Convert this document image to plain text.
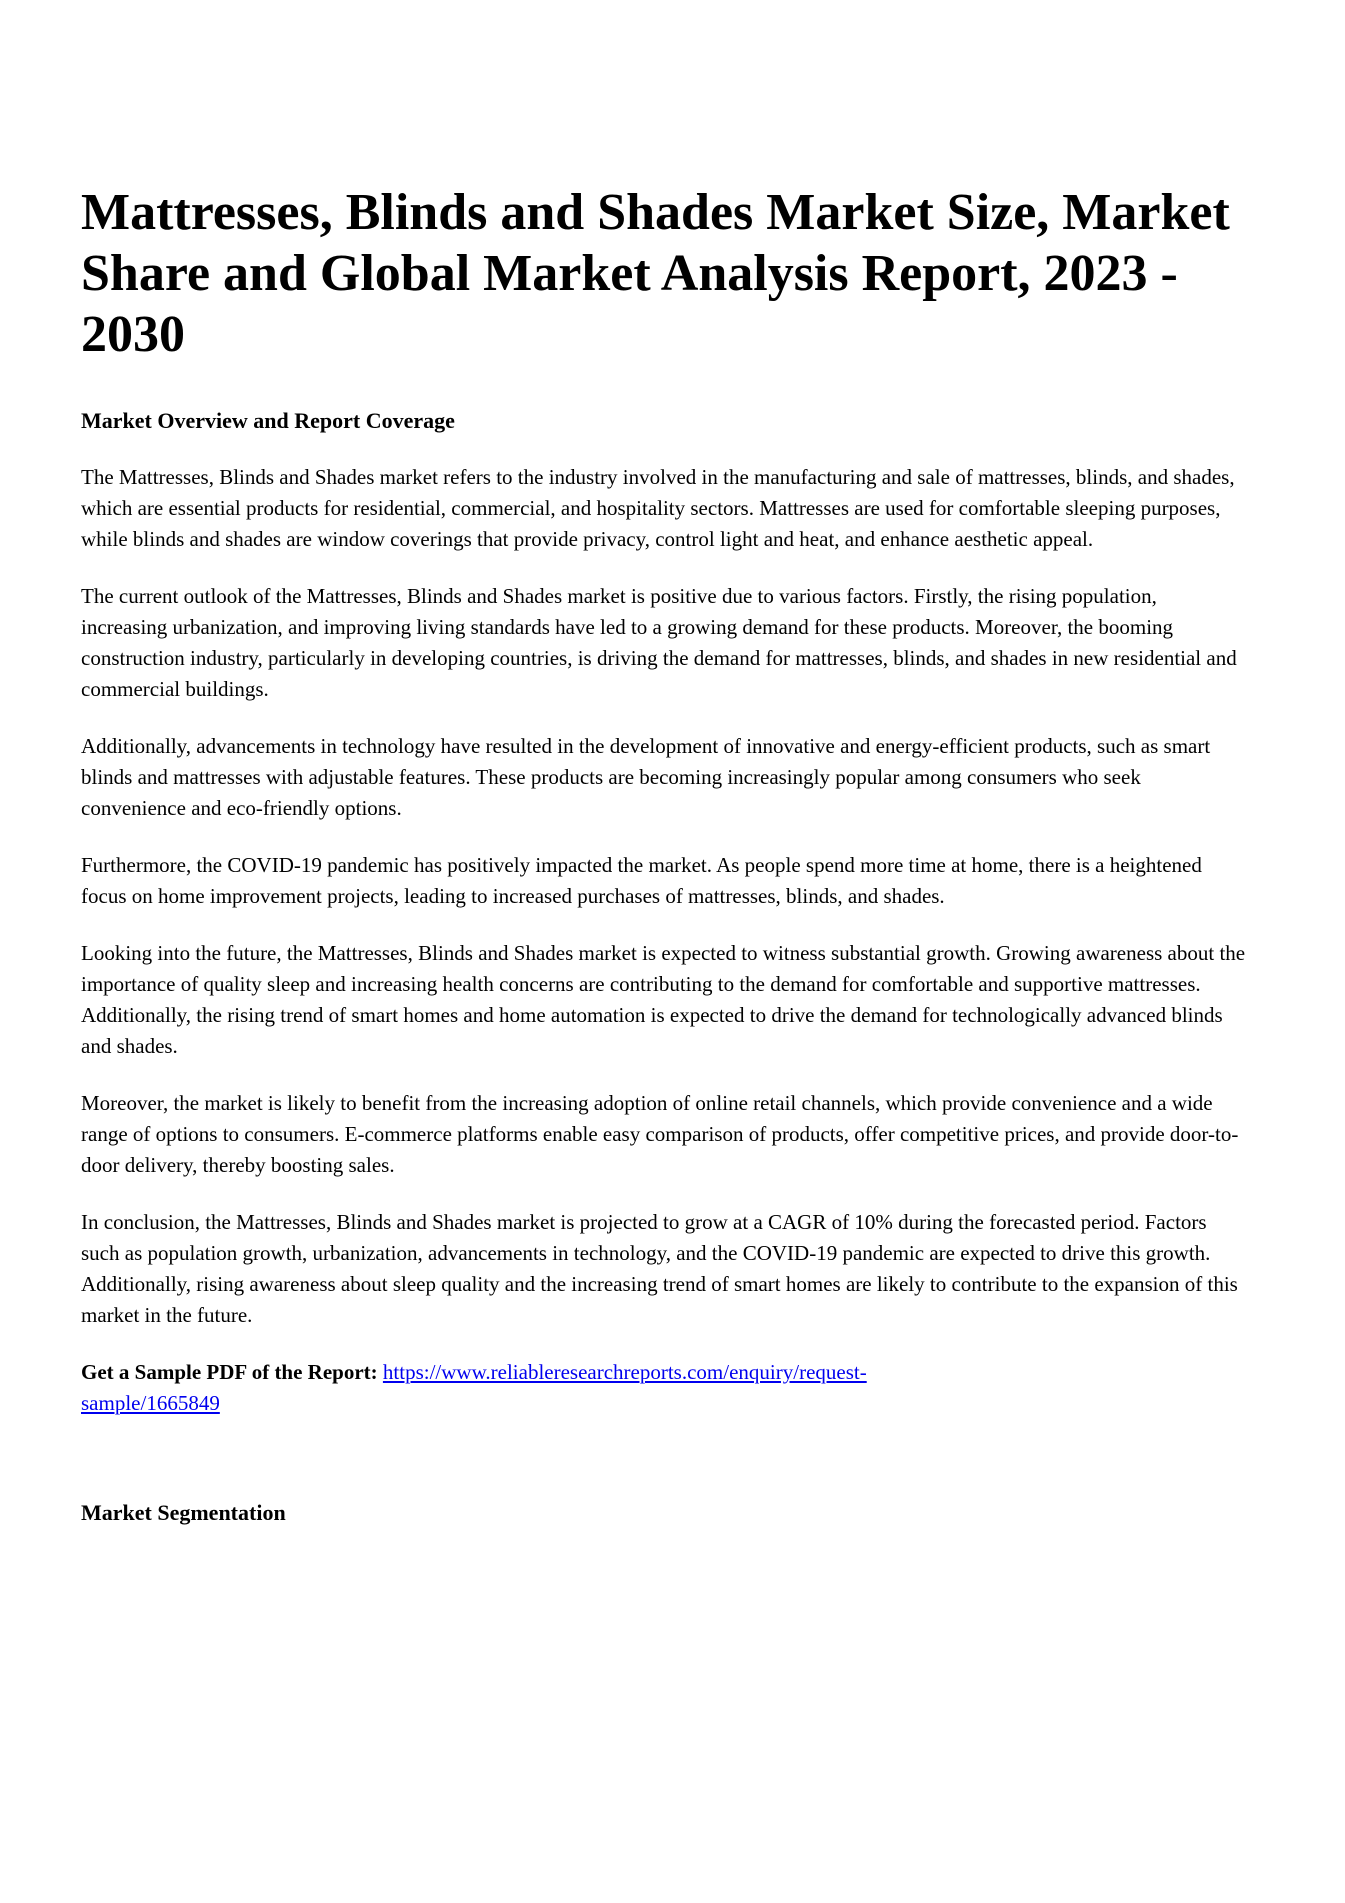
Mattresses, Blinds and Shades Market Size, Market Share and Global Market Analysis Report, 2023 - 2030

Market Overview and Report Coverage

The Mattresses, Blinds and Shades market refers to the industry involved in the manufacturing and sale of mattresses, blinds, and shades, which are essential products for residential, commercial, and hospitality sectors. Mattresses are used for comfortable sleeping purposes, while blinds and shades are window coverings that provide privacy, control light and heat, and enhance aesthetic appeal.

The current outlook of the Mattresses, Blinds and Shades market is positive due to various factors. Firstly, the rising population, increasing urbanization, and improving living standards have led to a growing demand for these products. Moreover, the booming construction industry, particularly in developing countries, is driving the demand for mattresses, blinds, and shades in new residential and commercial buildings.

Additionally, advancements in technology have resulted in the development of innovative and energy-efficient products, such as smart blinds and mattresses with adjustable features. These products are becoming increasingly popular among consumers who seek convenience and eco-friendly options.

Furthermore, the COVID-19 pandemic has positively impacted the market. As people spend more time at home, there is a heightened focus on home improvement projects, leading to increased purchases of mattresses, blinds, and shades.

Looking into the future, the Mattresses, Blinds and Shades market is expected to witness substantial growth. Growing awareness about the importance of quality sleep and increasing health concerns are contributing to the demand for comfortable and supportive mattresses. Additionally, the rising trend of smart homes and home automation is expected to drive the demand for technologically advanced blinds and shades.

Moreover, the market is likely to benefit from the increasing adoption of online retail channels, which provide convenience and a wide range of options to consumers. E-commerce platforms enable easy comparison of products, offer competitive prices, and provide door-to-door delivery, thereby boosting sales.

In conclusion, the Mattresses, Blinds and Shades market is projected to grow at a CAGR of 10% during the forecasted period. Factors such as population growth, urbanization, advancements in technology, and the COVID-19 pandemic are expected to drive this growth. Additionally, rising awareness about sleep quality and the increasing trend of smart homes are likely to contribute to the expansion of this market in the future.

Get a Sample PDF of the Report: https://www.reliableresearchreports.com/enquiry/request-
sample/1665849

Market Segmentation
